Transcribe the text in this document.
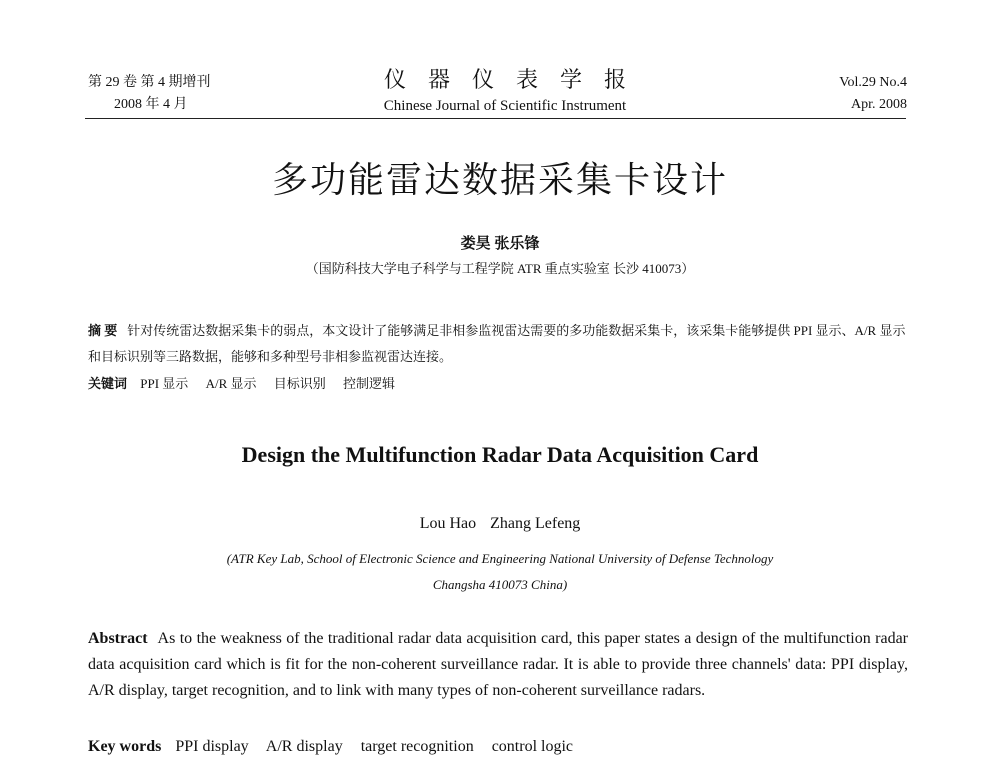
第 29 卷 第 4 期增刊
2008 年 4 月
仪器仪表学报
Chinese Journal of Scientific Instrument
Vol.29 No.4
Apr. 2008
多功能雷达数据采集卡设计
娄昊 张乐锋
（国防科技大学电子科学与工程学院 ATR 重点实验室 长沙 410073）
摘 要 针对传统雷达数据采集卡的弱点，本文设计了能够满足非相参监视雷达需要的多功能数据采集卡，该采集卡能够提供 PPI 显示、A/R 显示和目标识别等三路数据，能够和多种型号非相参监视雷达连接。
关键词 PPI 显示 A/R 显示 目标识别 控制逻辑
Design the Multifunction Radar Data Acquisition Card
Lou Hao Zhang Lefeng
(ATR Key Lab, School of Electronic Science and Engineering National University of Defense Technology
Changsha 410073 China)
Abstract As to the weakness of the traditional radar data acquisition card, this paper states a design of the multifunction radar data acquisition card which is fit for the non-coherent surveillance radar. It is able to provide three channels' data: PPI display, A/R display, target recognition, and to link with many types of non-coherent surveillance radars.
Key words PPI display A/R display target recognition control logic
